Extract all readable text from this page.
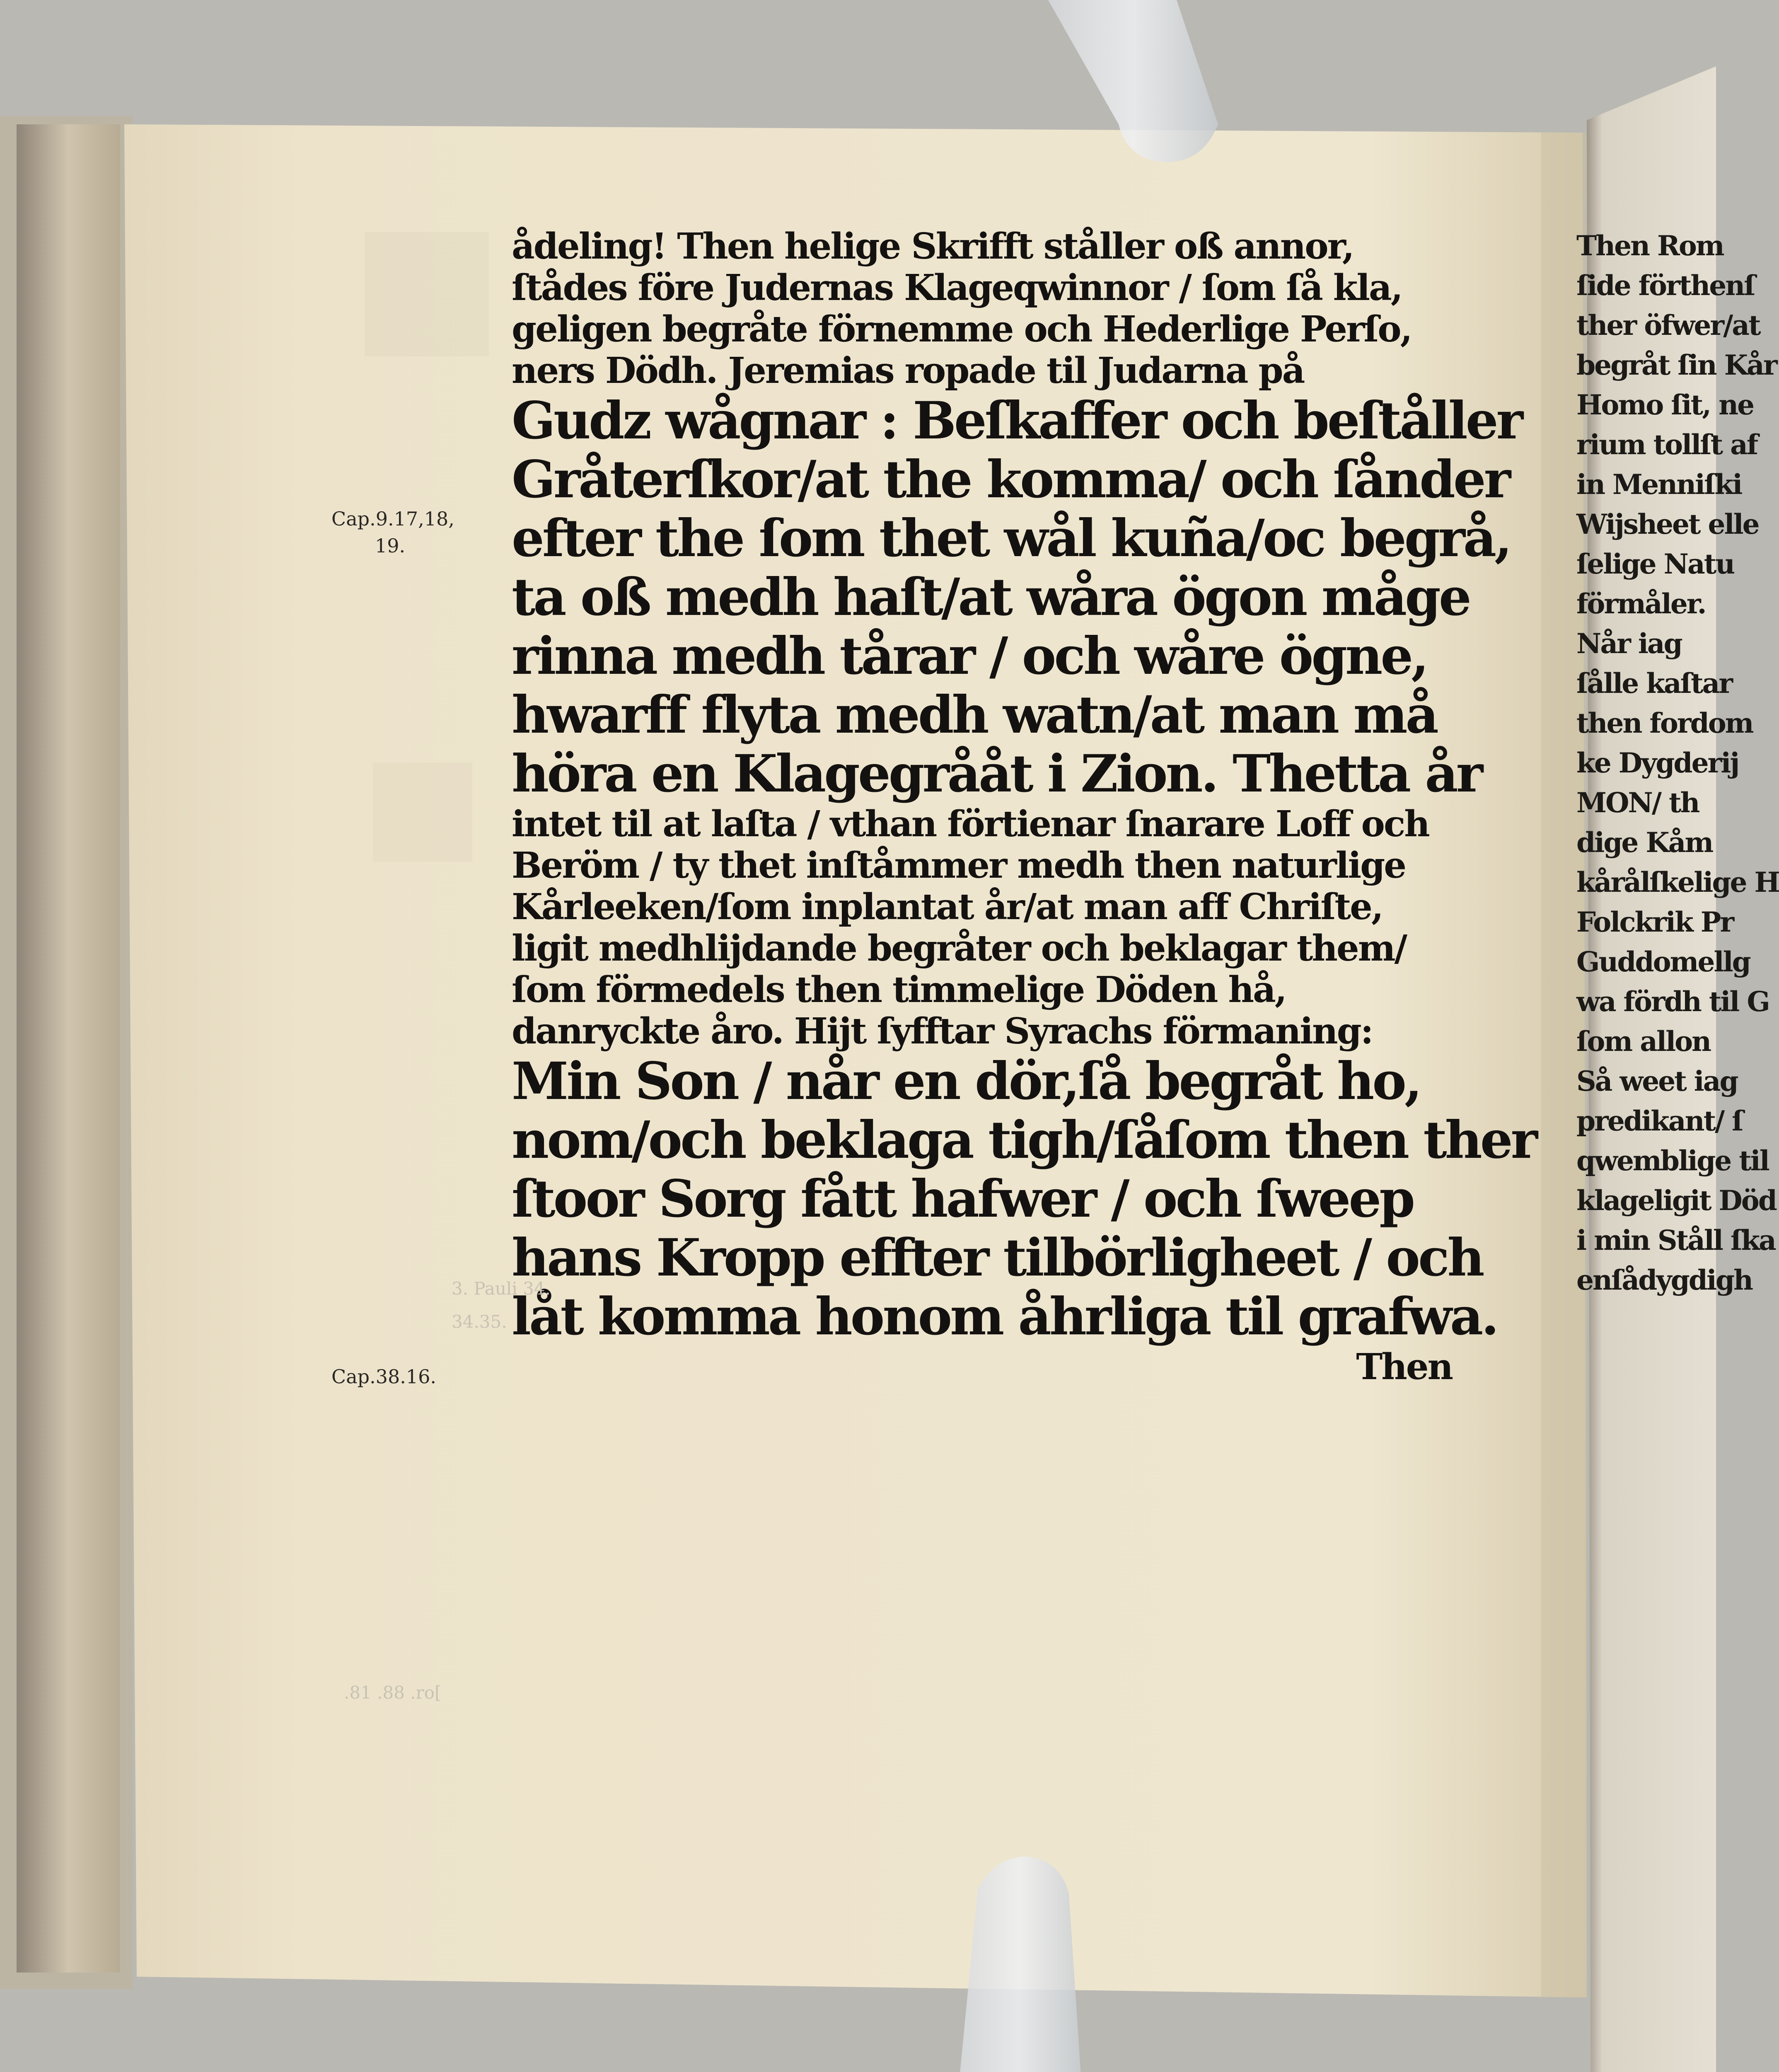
ådeling! Then helige Skrifft ståller oß annor,
ſtådes före Judernas Klageqwinnor / ſom ſå kla,
geligen begråte förnemme och Hederlige Perſo,
ners Dödh. Jeremias ropade til Judarna på
Gudz wågnar : Beſkaffer och beſtåller
Gråterſkor/at the komma/ och ſånder
efter the ſom thet wål kuña/oc begrå,
ta oß medh haſt/at wåra ögon måge
rinna medh tårar / och wåre ögne,
hwarff flyta medh watn/at man må
höra en Klagegrååt i Zion. Thetta år
intet til at laſta / vthan förtienar ſnarare Loff och
Beröm / ty thet inſtåmmer medh then naturlige
Kårleeken/ſom inplantat år/at man aff Chriſte,
ligit medhlijdande begråter och beklagar them/
ſom förmedels then timmelige Döden hå,
danryckte åro. Hijt ſyfftar Syrachs förmaning:
Min Son / når en dör,ſå begråt ho,
nom/och beklaga tigh/ſåſom then ther
ſtoor Sorg fått hafwer / och ſweep
hans Kropp effter tilbörligheet / och
låt komma honom åhrliga til grafwa.
Then
Cap.9.17,18,
19.
Cap.38.16.
3. Pauli 34.
34.35.
.81 .88 .ro[
Then Rom
ſide förthenſ
ther öfwer/at
begråt ſin Kår
Homo ſit, ne
rium tollſt af
in Menniſki
Wijsheet elle
ſelige Natu
förmåler.
Når iag
ſålle kaſtar
then fordom
ke Dygderij
MON/ th
dige Kåm
kårålſkelige H
Folckrik Pr
Guddomellg
wa fördh til G
ſom allon
Så weet iag
predikant/ ſ
qwemblige til
klageligit Död
i min Ståll ſka
enſådygdigh
